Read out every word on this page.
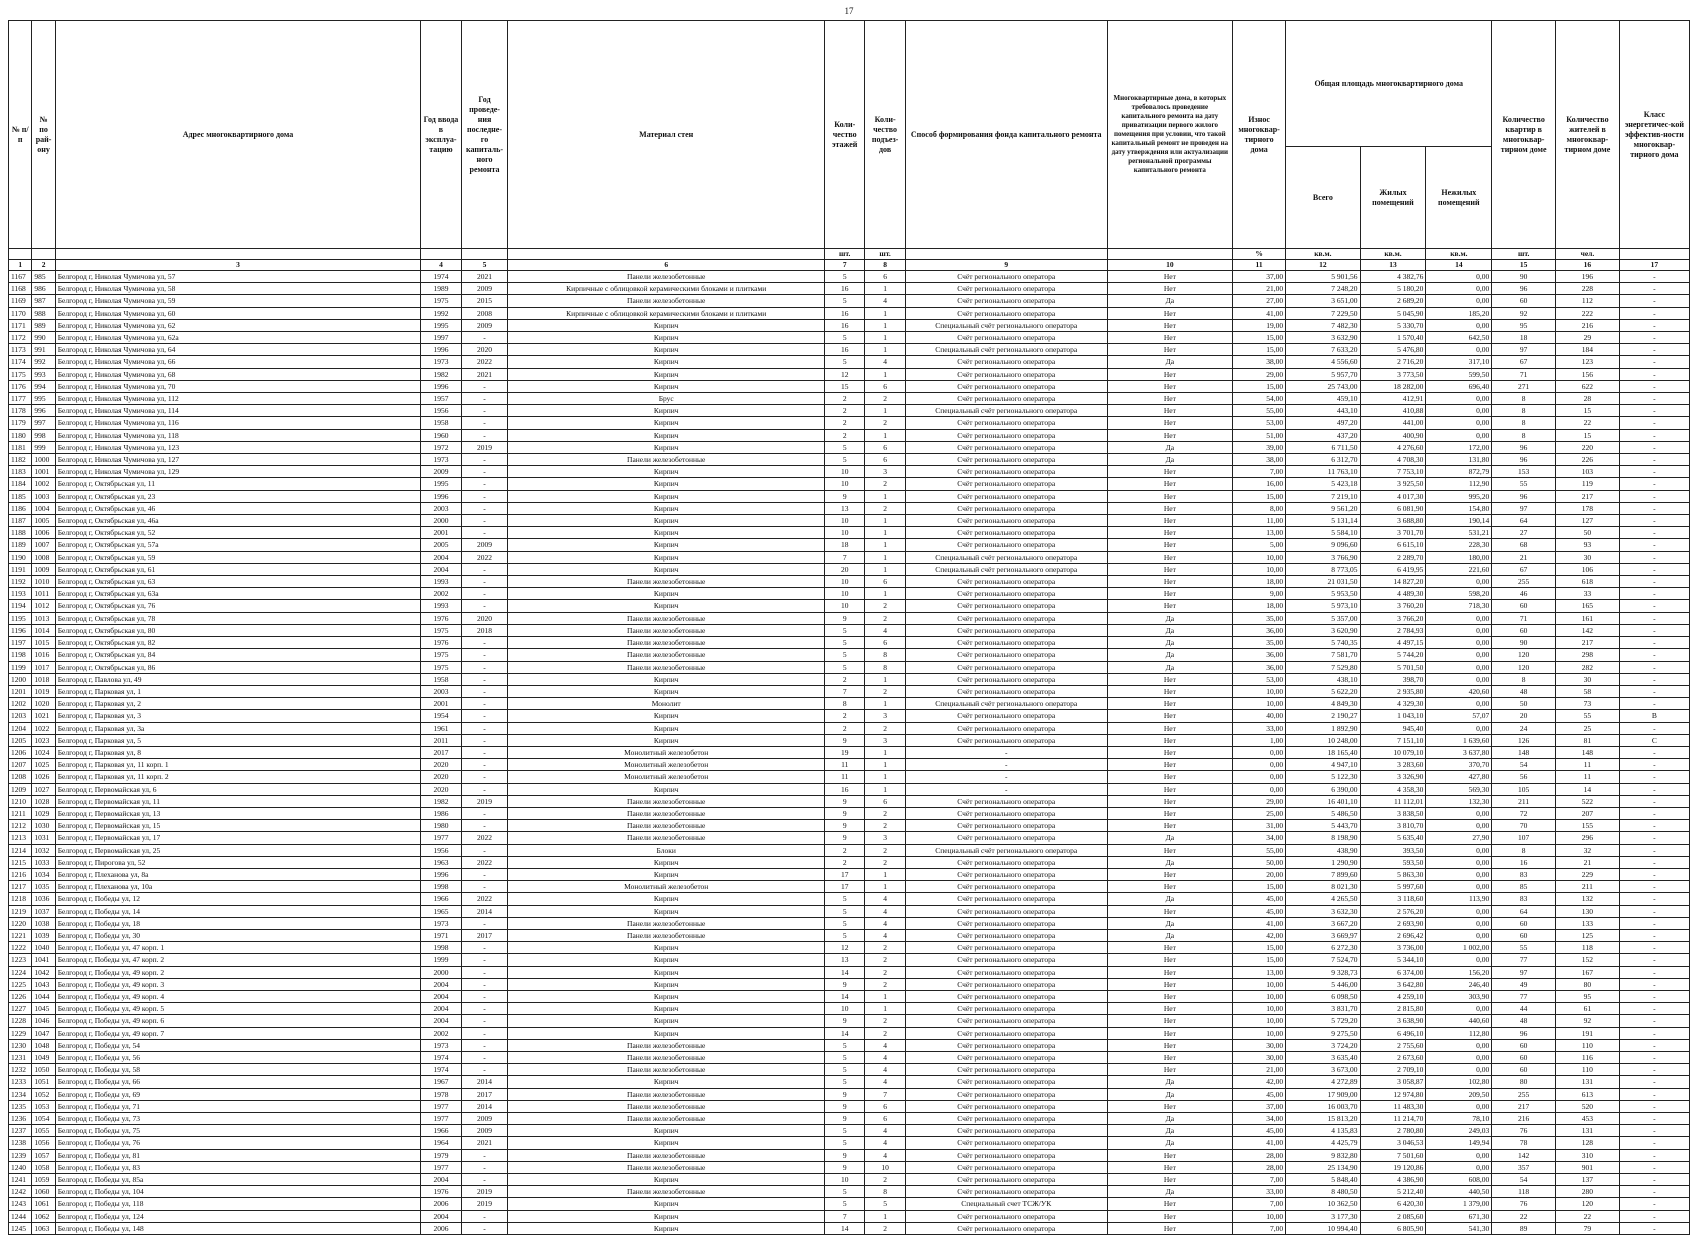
17
№ п/п	№ по рай-ону	Адрес многоквартирного дома	Год ввода в эксплуа-тацию	Год проведе-ния последне-го капиталь-ного ремонта	Материал стен	Коли-чество этажей	Коли-чество подъез-дов	Способ формирования фонда капитального ремонта	Многоквартирные дома, в которых требовалось проведение капитального ремонта на дату приватизации первого жилого помещения при условии, что такой капитальный ремонт не проведен на дату утверждения или актуализации региональной программы капитального ремонта	Износ многоквар-тирного дома	Общая площадь многоквартирного дома			Количество квартир в многоквар-тирном доме	Количество жителей в многоквар-тирном доме	Класс энергетичес-кой эффектив-ности многоквар-тирного дома
											Всего	Жилых помещений	Нежилых помещений			
						шт.	шт.			%	кв.м.	кв.м.	кв.м.	шт.	чел.	
1	2	3	4	5	6	7	8	9	10	11	12	13	14	15	16	17
1167	985	Белгород г, Николая Чумичова ул, 57	1974	2021	Панели железобетонные	5	6	Счёт регионального оператора	Нет	37,00	5 901,56	4 382,76	0,00	90	196	-
1168	986	Белгород г, Николая Чумичова ул, 58	1989	2009	Кирпичные с облицовкой керамическими блоками и плитками	16	1	Счёт регионального оператора	Нет	21,00	7 248,20	5 180,20	0,00	96	228	-
1169	987	Белгород г, Николая Чумичова ул, 59	1975	2015	Панели железобетонные	5	4	Счёт регионального оператора	Да	27,00	3 651,00	2 689,20	0,00	60	112	-
1170	988	Белгород г, Николая Чумичова ул, 60	1992	2008	Кирпичные с облицовкой керамическими блоками и плитками	16	1	Счёт регионального оператора	Нет	41,00	7 229,50	5 045,90	185,20	92	222	-
1171	989	Белгород г, Николая Чумичова ул, 62	1995	2009	Кирпич	16	1	Специальный счёт регионального оператора	Нет	19,00	7 482,30	5 330,70	0,00	95	216	-
1172	990	Белгород г, Николая Чумичова ул, 62а	1997	-	Кирпич	5	1	Счёт регионального оператора	Нет	15,00	3 632,90	1 570,40	642,50	18	29	-
1173	991	Белгород г, Николая Чумичова ул, 64	1996	2020	Кирпич	16	1	Специальный счёт регионального оператора	Нет	15,00	7 633,20	5 476,80	0,00	97	184	-
1174	992	Белгород г, Николая Чумичова ул, 66	1973	2022	Кирпич	5	4	Счёт регионального оператора	Да	38,00	4 556,60	2 716,20	317,10	67	123	-
1175	993	Белгород г, Николая Чумичова ул, 68	1982	2021	Кирпич	12	1	Счёт регионального оператора	Нет	29,00	5 957,70	3 773,50	599,50	71	156	-
1176	994	Белгород г, Николая Чумичова ул, 70	1996	-	Кирпич	15	6	Счёт регионального оператора	Нет	15,00	25 743,00	18 282,00	696,40	271	622	-
1177	995	Белгород г, Николая Чумичова ул, 112	1957	-	Брус	2	2	Счёт регионального оператора	Нет	54,00	459,10	412,91	0,00	8	28	-
1178	996	Белгород г, Николая Чумичова ул, 114	1956	-	Кирпич	2	1	Специальный счёт регионального оператора	Нет	55,00	443,10	410,88	0,00	8	15	-
1179	997	Белгород г, Николая Чумичова ул, 116	1958	-	Кирпич	2	2	Счёт регионального оператора	Нет	53,00	497,20	441,00	0,00	8	22	-
1180	998	Белгород г, Николая Чумичова ул, 118	1960	-	Кирпич	2	1	Счёт регионального оператора	Нет	51,00	437,20	400,90	0,00	8	15	-
1181	999	Белгород г, Николая Чумичова ул, 123	1972	2019	Кирпич	5	6	Счёт регионального оператора	Да	39,00	6 711,50	4 276,60	172,00	96	220	-
1182	1000	Белгород г, Николая Чумичова ул, 127	1973	-	Панели железобетонные	5	6	Счёт регионального оператора	Да	38,00	6 312,70	4 708,30	131,80	96	226	-
1183	1001	Белгород г, Николая Чумичова ул, 129	2009	-	Кирпич	10	3	Счёт регионального оператора	Нет	7,00	11 763,10	7 753,10	872,79	153	103	-
1184	1002	Белгород г, Октябрьская ул, 11	1995	-	Кирпич	10	2	Счёт регионального оператора	Нет	16,00	5 423,18	3 925,50	112,90	55	119	-
1185	1003	Белгород г, Октябрьская ул, 23	1996	-	Кирпич	9	1	Счёт регионального оператора	Нет	15,00	7 219,10	4 017,30	995,20	96	217	-
1186	1004	Белгород г, Октябрьская ул, 46	2003	-	Кирпич	13	2	Счёт регионального оператора	Нет	8,00	9 561,20	6 081,90	154,80	97	178	-
1187	1005	Белгород г, Октябрьская ул, 46а	2000	-	Кирпич	10	1	Счёт регионального оператора	Нет	11,00	5 131,14	3 688,80	190,14	64	127	-
1188	1006	Белгород г, Октябрьская ул, 52	2001	-	Кирпич	10	1	Счёт регионального оператора	Нет	13,00	5 584,10	3 701,70	531,21	27	50	-
1189	1007	Белгород г, Октябрьская ул, 57а	2005	2009	Кирпич	18	1	Счёт регионального оператора	Нет	5,00	9 096,60	6 615,10	228,30	68	93	-
1190	1008	Белгород г, Октябрьская ул, 59	2004	2022	Кирпич	7	1	Специальный счёт регионального оператора	Нет	10,00	3 766,90	2 289,70	180,00	21	30	-
1191	1009	Белгород г, Октябрьская ул, 61	2004	-	Кирпич	20	1	Специальный счёт регионального оператора	Нет	10,00	8 773,05	6 419,95	221,60	67	106	-
1192	1010	Белгород г, Октябрьская ул, 63	1993	-	Панели железобетонные	10	6	Счёт регионального оператора	Нет	18,00	21 031,50	14 827,20	0,00	255	618	-
1193	1011	Белгород г, Октябрьская ул, 63а	2002	-	Кирпич	10	1	Счёт регионального оператора	Нет	9,00	5 953,50	4 489,30	598,20	46	33	-
1194	1012	Белгород г, Октябрьская ул, 76	1993	-	Кирпич	10	2	Счёт регионального оператора	Нет	18,00	5 973,10	3 760,20	718,30	60	165	-
1195	1013	Белгород г, Октябрьская ул, 78	1976	2020	Панели железобетонные	9	2	Счёт регионального оператора	Да	35,00	5 357,00	3 766,20	0,00	71	161	-
1196	1014	Белгород г, Октябрьская ул, 80	1975	2018	Панели железобетонные	5	4	Счёт регионального оператора	Да	36,00	3 620,90	2 784,93	0,00	60	142	-
1197	1015	Белгород г, Октябрьская ул, 82	1976	-	Панели железобетонные	5	6	Счёт регионального оператора	Да	35,00	5 740,35	4 497,15	0,00	90	217	-
1198	1016	Белгород г, Октябрьская ул, 84	1975	-	Панели железобетонные	5	8	Счёт регионального оператора	Да	36,00	7 581,70	5 744,20	0,00	120	298	-
1199	1017	Белгород г, Октябрьская ул, 86	1975	-	Панели железобетонные	5	8	Счёт регионального оператора	Да	36,00	7 529,80	5 701,50	0,00	120	282	-
1200	1018	Белгород г, Павлова ул, 49	1958	-	Кирпич	2	1	Счёт регионального оператора	Нет	53,00	438,10	398,70	0,00	8	30	-
1201	1019	Белгород г, Парковая ул, 1	2003	-	Кирпич	7	2	Счёт регионального оператора	Нет	10,00	5 622,20	2 935,80	420,60	48	58	-
1202	1020	Белгород г, Парковая ул, 2	2001	-	Монолит	8	1	Специальный счёт регионального оператора	Нет	10,00	4 849,30	4 329,30	0,00	50	73	-
1203	1021	Белгород г, Парковая ул, 3	1954	-	Кирпич	2	3	Счёт регионального оператора	Нет	40,00	2 190,27	1 043,10	57,07	20	55	B
1204	1022	Белгород г, Парковая ул, 3а	1961	-	Кирпич	2	2	Счёт регионального оператора	Нет	33,00	1 892,90	945,40	0,00	24	25	-
1205	1023	Белгород г, Парковая ул, 5	2011	-	Кирпич	9	3	Счёт регионального оператора	Нет	1,00	10 248,00	7 151,10	1 639,60	126	81	C
1206	1024	Белгород г, Парковая ул, 8	2017	-	Монолитный железобетон	19	1	-	Нет	0,00	18 165,40	10 079,10	3 637,80	148	148	-
1207	1025	Белгород г, Парковая ул, 11 корп. 1	2020	-	Монолитный железобетон	11	1	-	Нет	0,00	4 947,10	3 283,60	370,70	54	11	-
1208	1026	Белгород г, Парковая ул, 11 корп. 2	2020	-	Монолитный железобетон	11	1	-	Нет	0,00	5 122,30	3 326,90	427,80	56	11	-
1209	1027	Белгород г, Первомайская ул, 6	2020	-	Кирпич	16	1	-	Нет	0,00	6 390,00	4 358,30	569,30	105	14	-
1210	1028	Белгород г, Первомайская ул, 11	1982	2019	Панели железобетонные	9	6	Счёт регионального оператора	Нет	29,00	16 401,10	11 112,01	132,30	211	522	-
1211	1029	Белгород г, Первомайская ул, 13	1986	-	Панели железобетонные	9	2	Счёт регионального оператора	Нет	25,00	5 486,50	3 838,50	0,00	72	207	-
1212	1030	Белгород г, Первомайская ул, 15	1980	-	Панели железобетонные	9	2	Счёт регионального оператора	Нет	31,00	5 443,70	3 810,70	0,00	70	155	-
1213	1031	Белгород г, Первомайская ул, 17	1977	2022	Панели железобетонные	9	3	Счёт регионального оператора	Да	34,00	8 198,90	5 635,40	27,90	107	296	-
1214	1032	Белгород г, Первомайская ул, 25	1956	-	Блоки	2	2	Специальный счёт регионального оператора	Нет	55,00	438,90	393,50	0,00	8	32	-
1215	1033	Белгород г, Пирогова ул, 52	1963	2022	Кирпич	2	2	Счёт регионального оператора	Да	50,00	1 290,90	593,50	0,00	16	21	-
1216	1034	Белгород г, Плеханова ул, 8а	1996	-	Кирпич	17	1	Счёт регионального оператора	Нет	20,00	7 899,60	5 863,30	0,00	83	229	-
1217	1035	Белгород г, Плеханова ул, 10а	1998	-	Монолитный железобетон	17	1	Счёт регионального оператора	Нет	15,00	8 021,30	5 997,60	0,00	85	211	-
1218	1036	Белгород г, Победы ул, 12	1966	2022	Кирпич	5	4	Счёт регионального оператора	Да	45,00	4 265,50	3 118,60	113,90	83	132	-
1219	1037	Белгород г, Победы ул, 14	1965	2014	Кирпич	5	4	Счёт регионального оператора	Нет	45,00	3 632,30	2 576,20	0,00	64	130	-
1220	1038	Белгород г, Победы ул, 18	1973	-	Панели железобетонные	5	4	Счёт регионального оператора	Да	41,00	3 667,20	2 693,90	0,00	60	133	-
1221	1039	Белгород г, Победы ул, 30	1971	2017	Панели железобетонные	5	4	Счёт регионального оператора	Да	42,00	3 669,97	2 696,42	0,00	60	125	-
1222	1040	Белгород г, Победы ул, 47 корп. 1	1998	-	Кирпич	12	2	Счёт регионального оператора	Нет	15,00	6 272,30	3 736,00	1 002,00	55	118	-
1223	1041	Белгород г, Победы ул, 47 корп. 2	1999	-	Кирпич	13	2	Счёт регионального оператора	Нет	15,00	7 524,70	5 344,10	0,00	77	152	-
1224	1042	Белгород г, Победы ул, 49 корп. 2	2000	-	Кирпич	14	2	Счёт регионального оператора	Нет	13,00	9 328,73	6 374,00	156,20	97	167	-
1225	1043	Белгород г, Победы ул, 49 корп. 3	2004	-	Кирпич	9	2	Счёт регионального оператора	Нет	10,00	5 446,00	3 642,80	246,40	49	80	-
1226	1044	Белгород г, Победы ул, 49 корп. 4	2004	-	Кирпич	14	1	Счёт регионального оператора	Нет	10,00	6 098,50	4 259,10	303,90	77	95	-
1227	1045	Белгород г, Победы ул, 49 корп. 5	2004	-	Кирпич	10	1	Счёт регионального оператора	Нет	10,00	3 831,70	2 815,80	0,00	44	61	-
1228	1046	Белгород г, Победы ул, 49 корп. 6	2004	-	Кирпич	9	2	Счёт регионального оператора	Нет	10,00	5 729,20	3 638,90	440,60	48	92	-
1229	1047	Белгород г, Победы ул, 49 корп. 7	2002	-	Кирпич	14	2	Счёт регионального оператора	Нет	10,00	9 275,50	6 496,10	112,80	96	191	-
1230	1048	Белгород г, Победы ул, 54	1973	-	Панели железобетонные	5	4	Счёт регионального оператора	Нет	30,00	3 724,20	2 755,60	0,00	60	110	-
1231	1049	Белгород г, Победы ул, 56	1974	-	Панели железобетонные	5	4	Счёт регионального оператора	Нет	30,00	3 635,40	2 673,60	0,00	60	116	-
1232	1050	Белгород г, Победы ул, 58	1974	-	Панели железобетонные	5	4	Счёт регионального оператора	Нет	21,00	3 673,00	2 709,10	0,00	60	110	-
1233	1051	Белгород г, Победы ул, 66	1967	2014	Кирпич	5	4	Счёт регионального оператора	Да	42,00	4 272,89	3 058,87	102,80	80	131	-
1234	1052	Белгород г, Победы ул, 69	1978	2017	Панели железобетонные	9	7	Счёт регионального оператора	Да	45,00	17 909,00	12 974,80	209,50	255	613	-
1235	1053	Белгород г, Победы ул, 71	1977	2014	Панели железобетонные	9	6	Счёт регионального оператора	Нет	37,00	16 003,70	11 483,30	0,00	217	520	-
1236	1054	Белгород г, Победы ул, 73	1977	2009	Панели железобетонные	9	6	Счёт регионального оператора	Да	34,00	15 813,20	11 214,70	78,10	216	453	-
1237	1055	Белгород г, Победы ул, 75	1966	2009	Кирпич	5	4	Счёт регионального оператора	Да	45,00	4 135,83	2 780,80	249,03	76	131	-
1238	1056	Белгород г, Победы ул, 76	1964	2021	Кирпич	5	4	Счёт регионального оператора	Да	41,00	4 425,79	3 046,53	149,94	78	128	-
1239	1057	Белгород г, Победы ул, 81	1979	-	Панели железобетонные	9	4	Счёт регионального оператора	Нет	28,00	9 832,80	7 501,60	0,00	142	310	-
1240	1058	Белгород г, Победы ул, 83	1977	-	Панели железобетонные	9	10	Счёт регионального оператора	Нет	28,00	25 134,90	19 120,86	0,00	357	901	-
1241	1059	Белгород г, Победы ул, 85а	2004	-	Кирпич	10	2	Счёт регионального оператора	Нет	7,00	5 848,40	4 386,90	608,00	54	137	-
1242	1060	Белгород г, Победы ул, 104	1976	2019	Панели железобетонные	5	8	Счёт регионального оператора	Да	33,00	8 480,50	5 212,40	440,50	118	280	-
1243	1061	Белгород г, Победы ул, 118	2006	2019	Кирпич	5	5	Специальный счет ТСЖ/УК	Нет	7,00	10 362,50	6 420,30	1 379,00	76	120	-
1244	1062	Белгород г, Победы ул, 124	2004	-	Кирпич	7	1	Счёт регионального оператора	Нет	10,00	3 177,30	2 085,60	671,30	22	22	-
1245	1063	Белгород г, Победы ул, 148	2006	-	Кирпич	14	2	Счёт регионального оператора	Нет	7,00	10 994,40	6 805,90	541,30	89	79	-
